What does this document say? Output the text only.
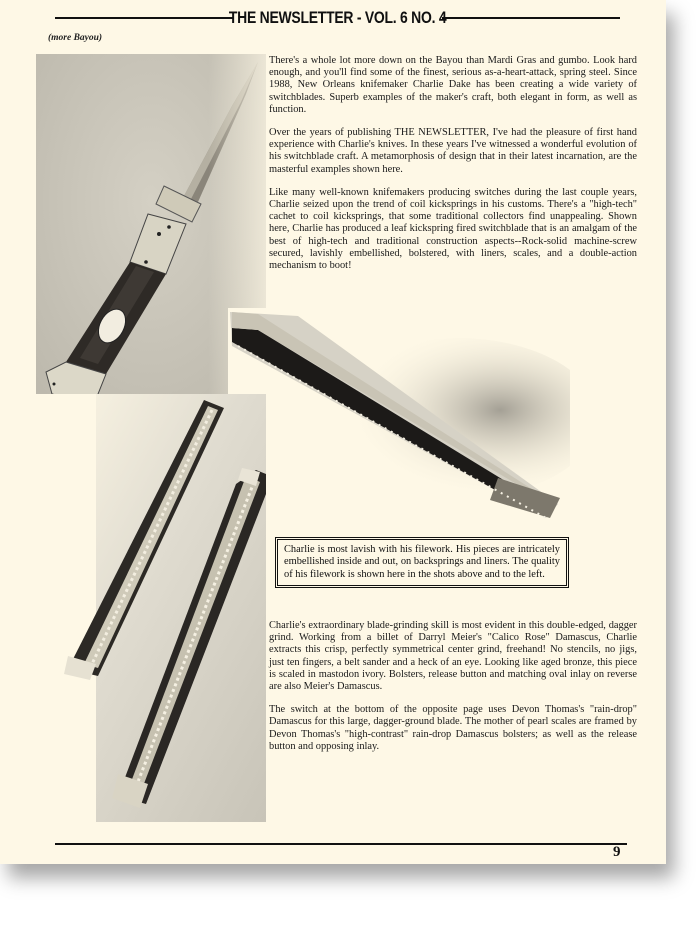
THE NEWSLETTER - VOL. 6 NO. 4
(more Bayou)

There's a whole lot more down on the Bayou than Mardi Gras and gumbo. Look hard enough, and you'll find some of the finest, serious as-a-heart-attack, spring steel. Since 1988, New Orleans knifemaker Charlie Dake has been creating a wide variety of switchblades. Superb examples of the maker's craft, both elegant in form, as well as function.

Over the years of publishing THE NEWSLETTER, I've had the pleasure of first hand experience with Charlie's knives. In these years I've witnessed a wonderful evolution of his switchblade craft. A metamorphosis of design that in their latest incarnation, are the masterful examples shown here.

Like many well-known knifemakers producing switches during the last couple years, Charlie seized upon the trend of coil kicksprings in his customs. There's a "high-tech" cachet to coil kicksprings, that some traditional collectors find unappealing. Shown here, Charlie has produced a leaf kickspring fired switchblade that is an amalgam of the best of high-tech and traditional construction aspects--Rock-solid machine-screw secured, lavishly embellished, bolstered, with liners, scales, and a double-action mechanism to boot!

Charlie is most lavish with his filework. His pieces are intricately embellished inside and out, on backsprings and liners. The quality of his filework is shown here in the shots above and to the left.

Charlie's extraordinary blade-grinding skill is most evident in this double-edged, dagger grind. Working from a billet of Darryl Meier's "Calico Rose" Damascus, Charlie extracts this crisp, perfectly symmetrical center grind, freehand! No stencils, no jigs, just ten fingers, a belt sander and a heck of an eye. Looking like aged bronze, this piece is scaled in mastodon ivory. Bolsters, release button and matching oval inlay on reverse are also Meier's Damascus.

The switch at the bottom of the opposite page uses Devon Thomas's "rain-drop" Damascus for this large, dagger-ground blade. The mother of pearl scales are framed by Devon Thomas's "high-contrast" rain-drop Damascus bolsters; as well as the release button and opposing inlay.

9
